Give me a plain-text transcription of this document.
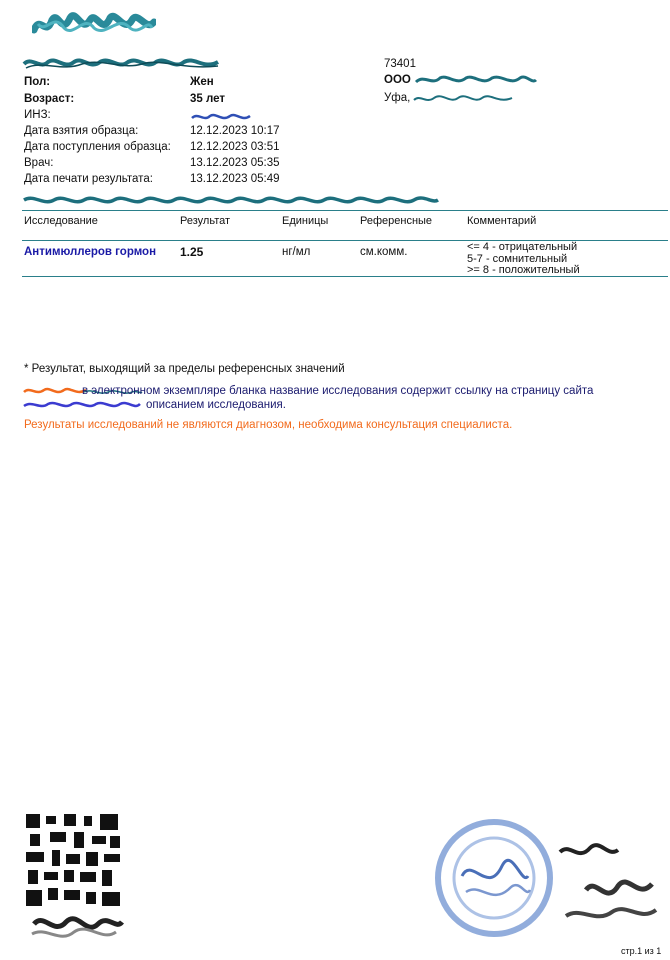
Пол:	Жен
Возраст:	35 лет
ИНЗ:
Дата взятия образца:	12.12.2023 10:17
Дата поступления образца: 12.12.2023 03:51
Врач:	13.12.2023 05:35
Дата печати результата:	13.12.2023 05:49
73401
ООО
Уфа,
Исследование	Результат	Единицы	Референсные	Комментарий
Антимюллеров гормон 1.25	нг/мл	см.комм.	<= 4 - отрицательный
5-7 - сомнительный
>= 8 - положительный
* Результат, выходящий за пределы референсных значений
в электронном экземпляре бланка название исследования содержит ссылку на страницу сайта
описанием исследования.
Результаты исследований не являются диагнозом, необходима консультация специалиста.
стр.1 из 1
